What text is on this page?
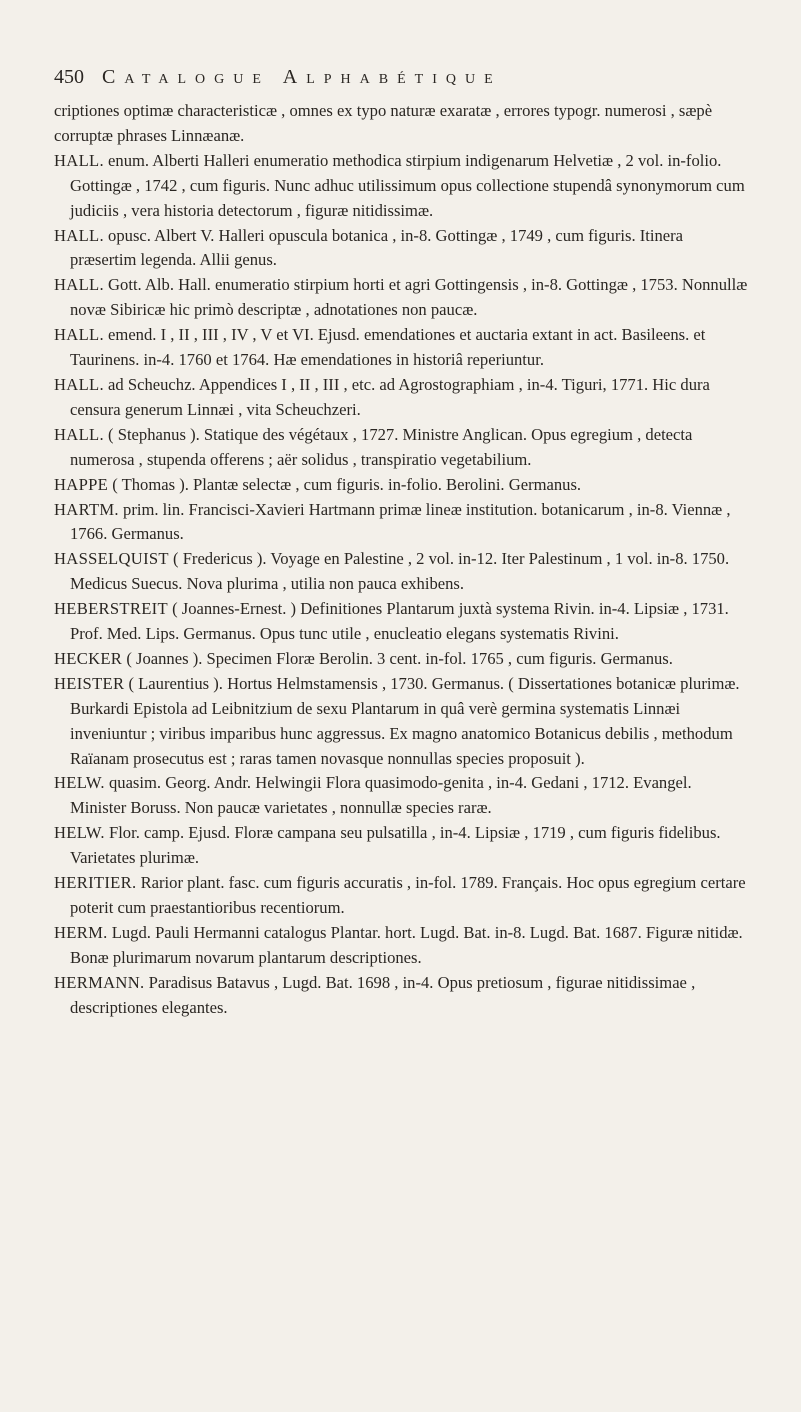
450 Catalogue Alphabétique

criptiones optimæ characteristicæ , omnes ex typo naturæ exaratæ , errores typogr. numerosi , sæpè corruptæ phrases Linnæanæ.

HALL. enum. Alberti Halleri enumeratio methodica stirpium indigenarum Helvetiæ , 2 vol. in-folio. Gottingæ , 1742 , cum figuris. Nunc adhuc utilissimum opus collectione stupendâ synonymorum cum judiciis , vera historia detectorum , figuræ nitidissimæ.

HALL. opusc. Albert V. Halleri opuscula botanica , in-8. Gottingæ , 1749 , cum figuris. Itinera præsertim legenda. Allii genus.

HALL. Gott. Alb. Hall. enumeratio stirpium horti et agri Gottingensis , in-8. Gottingæ , 1753. Nonnullæ novæ Sibiricæ hic primò descriptæ , adnotationes non paucæ.

HALL. emend. I , II , III , IV , V et VI. Ejusd. emendationes et auctaria extant in act. Basileens. et Taurinens. in-4. 1760 et 1764. Hæ emendationes in historiâ reperiuntur.

HALL. ad Scheuchz. Appendices I , II , III , etc. ad Agrostographiam , in-4. Tiguri, 1771. Hic dura censura generum Linnæi , vita Scheuchzeri.

HALL. ( Stephanus ). Statique des végétaux , 1727. Ministre Anglican. Opus egregium , detecta numerosa , stupenda offerens ; aër solidus , transpiratio vegetabilium.

HAPPE ( Thomas ). Plantæ selectæ , cum figuris. in-folio. Berolini. Germanus.

HARTM. prim. lin. Francisci-Xavieri Hartmann primæ lineæ institution. botanicarum , in-8. Viennæ , 1766. Germanus.

HASSELQUIST ( Fredericus ). Voyage en Palestine , 2 vol. in-12. Iter Palestinum , 1 vol. in-8. 1750. Medicus Suecus. Nova plurima , utilia non pauca exhibens.

HEBERSTREIT ( Joannes-Ernest. ) Definitiones Plantarum juxtà systema Rivin. in-4. Lipsiæ , 1731. Prof. Med. Lips. Germanus. Opus tunc utile , enucleatio elegans systematis Rivini.

HECKER ( Joannes ). Specimen Floræ Berolin. 3 cent. in-fol. 1765 , cum figuris. Germanus.

HEISTER ( Laurentius ). Hortus Helmstamensis , 1730. Germanus. ( Dissertationes botanicæ plurimæ. Burkardi Epistola ad Leibnitzium de sexu Plantarum in quâ verè germina systematis Linnæi inveniuntur ; viribus imparibus hunc aggressus. Ex magno anatomico Botanicus debilis , methodum Raïanam prosecutus est ; raras tamen novasque nonnullas species proposuit ).

HELW. quasim. Georg. Andr. Helwingii Flora quasimodo-genita , in-4. Gedani , 1712. Evangel. Minister Boruss. Non paucæ varietates , nonnullæ species raræ.

HELW. Flor. camp. Ejusd. Floræ campana seu pulsatilla , in-4. Lipsiæ , 1719 , cum figuris fidelibus. Varietates plurimæ.

HERITIER. Rarior plant. fasc. cum figuris accuratis , in-fol. 1789. Français. Hoc opus egregium certare poterit cum praestantioribus recentiorum.

HERM. Lugd. Pauli Hermanni catalogus Plantar. hort. Lugd. Bat. in-8. Lugd. Bat. 1687. Figuræ nitidæ. Bonæ plurimarum novarum plantarum descriptiones.

HERMANN. Paradisus Batavus , Lugd. Bat. 1698 , in-4. Opus pretiosum , figurae nitidissimae , descriptiones elegantes.
